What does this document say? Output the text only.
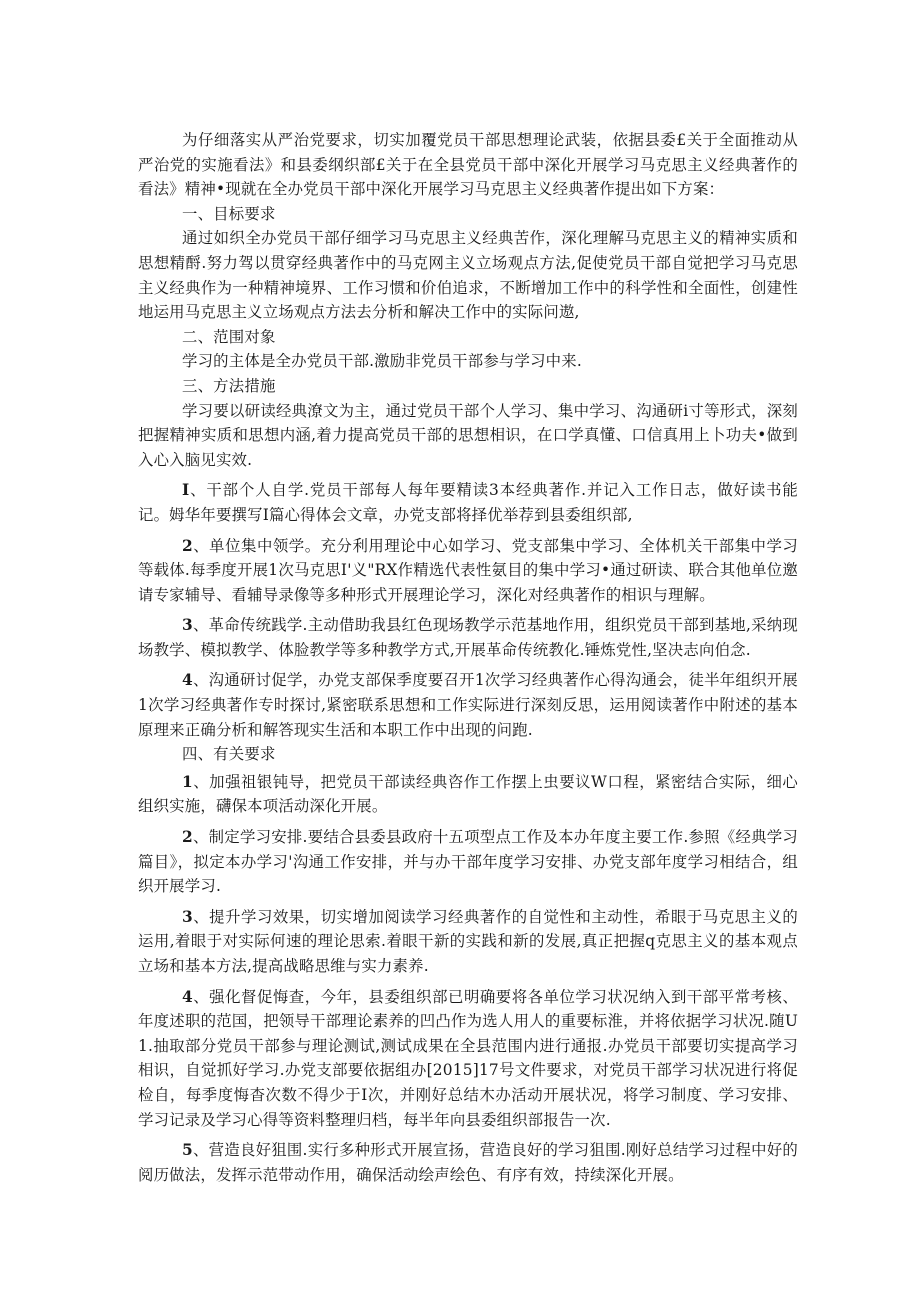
为仔细落实从严治党要求，切实加覆党员干部思想理论武装，依据县委£关于全面推动从严治党的实施看法》和县委纲织部£关于在全县党员干部中深化开展学习马克思主义经典著作的看法》精神•现就在全办党员干部中深化开展学习马克思主义经典著作提出如下方案：

一、目标要求

通过如织全办党员干部仔细学习马克思主义经典苦作，深化理解马克思主义的精神实质和思想精酹.努力驾以贯穿经典著作中的马克网主义立场观点方法,促使党员干部自觉把学习马克思主义经典作为一种精神境界、工作习惯和价伯追求，不断增加工作中的科学性和全面性，创建性地运用马克思主义立场观点方法去分析和解决工作中的实际问遨,

二、范围对象

学习的主体是全办党员干部.激励非党员干部参与学习中来.

三、方法措施

学习要以研读经典潦文为主，通过党员干部个人学习、集中学习、沟通研i寸等形式，深刻把握精神实质和思想内涵,着力提高党员干部的思想相识，在口学真懂、口信真用上卜功夫•做到入心入脑见实效.

I、干部个人自学.党员干部每人每年要精读3本经典著作.并记入工作日志，做好读书能记。姆华年要撰写I篇心得体会文章，办党支部将择优举荐到县委组织部,

2、单位集中领学。充分利用理论中心如学习、党支部集中学习、全体机关干部集中学习等载体.每季度开展1次马克思I'义"RX作精选代表性氨目的集中学习•通过研读、联合其他单位邀请专家辅导、看辅导录像等多种形式开展理论学习，深化对经典著作的相识与理解。

3、革命传统践学.主动借助我县红色现场教学示范基地作用，组织党员干部到基地,采纳现场教学、模拟教学、体脸教学等多种教学方式,开展革命传统教化.锤炼党性,坚决志向伯念.

4、沟通研讨促学，办党支部保季度要召开1次学习经典著作心得沟通会，徒半年组织开展1次学习经典著作专时探讨,紧密联系思想和工作实际进行深刻反思，运用阅读著作中附述的基本原理来正确分析和解答现实生活和本职工作中出现的问跑.

四、有关要求

1、加强祖银钝导，把党员干部读经典咨作工作摆上虫要议W口程，紧密结合实际，细心组织实施，礴保本项活动深化开展。

2、制定学习安排.要结合县委县政府十五项型点工作及本办年度主要工作.参照《经典学习篇目》，拟定本办学习'沟通工作安排，并与办干部年度学习安排、办党支部年度学习相结合，组织开展学习.

3、提升学习效果，切实增加阅读学习经典著作的自觉性和主动性，希眼于马克思主义的运用,着眼于对实际何速的理论思索.着眼干新的实践和新的发展,真正把握q克思主义的基本观点立场和基本方法,提高战略思维与实力素养.

4、强化督促悔查，今年，县委组织部已明确要将各单位学习状况纳入到干部平常考核、年度述职的范国，把领导干部理论素养的凹凸作为选人用人的重要标淮，并将依据学习状况.随U1.抽取部分党员干部参与理论测试,测试成果在全县范围内进行通报.办党员干部要切实提高学习相识，自觉抓好学习.办党支部要依据组办[2015]17号文件要求，对党员干部学习状况进行将促检自，每季度悔杳次数不得少于I次，并刚好总结木办活动开展状况，将学习制度、学习安排、学习记录及学习心得等资料整理归档，每半年向县委组织部报告一次.

5、营造良好狙围.实行多种形式开展宣扬，营造良好的学习狙围.刚好总结学习过程中好的阅历做法，发挥示范带动作用，确保活动绘声绘色、有序有效，持续深化开展。
